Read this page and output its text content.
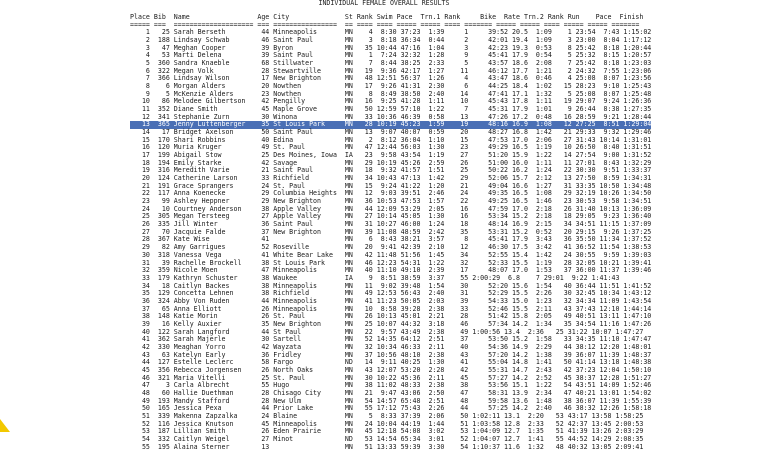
INDIVIDUAL FEMALE OVERALL RESULTS
Place Bib  Name                 Age City              St Rank Swim Pace  Trn.1 Rank     Bike  Rate Trn.2 Rank Run    Pace  Finish
===== ===  ==================== === ================  == ==== ==== ===== ===== ==== ======= ===== ===== ==== ===== ===== =======
1   25 Sarah Berseth         44 Minneapolis       MN    4  8:30 37:23  1:39     1     39:52 20.5  1:09    1 23:54  7:43 1:15:02
2  188 Lindsay Schwab        46 Saint Paul        MN    3  8:18 36:34  0:44     2     42:01 19.4  1:09    3 23:00  8:04 1:17:12
3   47 Meghan Cooper         39 Byron             MN   35 10:44 47:16  1:04     3     42:23 19.3  0:53    8 25:42  8:18 1:20:44
4   53 Marti Delena          39 Saint Paul        MN    1  7:24 32:32  1:28     9     45:41 17.9  0:54    5 25:32  8:15 1:20:57
5  360 Sandra Knaeble        68 Stillwater        MN    7  8:44 38:25  2:33     5     43:57 18.6  2:08    7 25:42  8:18 1:23:03
6  322 Megan Volk            28 Stewartville      MN   19  9:36 42:17  1:27    11     46:12 17.7  1:21    2 24:32  7:55 1:23:06
7  366 Lindsay Wilson        17 New Brighton      MN   48 12:51 56:37  1:26     4     43:47 18.6  0:46    4 25:08  8:07 1:23:56
8    6 Morgan Alders         20 Nowthen           MN   17  9:26 41:31  2:30     6     44:25 18.4  1:02   15 28:23  9:10 1:25:43
9    5 McKenzie Alders       23 Nowthen           MN    8  8:49 38:50  2:40    14     47:41 17.1  1:32    5 25:08  8:07 1:25:48
10   86 Melodee Gilbertson    42 Pengilly          MN   16  9:25 41:28  1:11    10     45:43 17.8  1:11   19 29:07  9:24 1:26:36
11  352 Diane Smith           45 Maple Grove       MN   50 12:59 57:10  1:22     7     45:31 17.9  1:01    9 26:44  8:38 1:27:35
12  341 Stephanie Zurn        30 Winona            MN   33 10:36 46:39  0:58    13     47:26 17.2  0:48   16 28:59  9:21 1:28:44
13  365 Jenny Luttenberger    35 St Louis Park     MN   28 10:19 45:23  1:59    19     48:16 16.9  1:08   12 27:25  8:51 1:29:04
14   17 Bridget Axelson       50 Saint Paul        MN   13  9:07 40:07  0:59    20     48:27 16.8  1:42   21 29:33  9:32 1:29:46
15  170 Shari Robbins         40 Edina             MN    2  8:12 36:04  1:10    15     47:53 17.0  2:06   27 31:43 10:14 1:31:01
16  120 Muria Kruger          49 St. Paul          MN   47 12:44 56:03  1:30    23     49:29 16.5  1:19   10 26:50  8:40 1:31:51
17  199 Abigail Stow          25 Des Moines, Iowa  IA   23  9:58 43:54  1:19    27     51:20 15.9  1:22   14 27:54  9:00 1:31:52
18  194 Emily Starke          42 Savage            MN   29 10:19 45:26  2:59    26     51:00 16.0  1:11   11 27:01  8:43 1:32:29
19  316 Meredith Varie        21 Saint Paul        MN   18  9:32 41:57  1:51    25     50:22 16.2  1:24   22 30:30  9:51 1:33:37
20  124 Catherine Larson      33 Richfield         MN   34 10:43 47:13  1:42    29     52:06 15.7  2:12   13 27:50  8:59 1:34:31
21  191 Grace Sprangers       24 St. Paul          MN   15  9:24 41:22  1:20    21     49:04 16.6  1:27   31 33:35 10:50 1:34:48
22  117 Anna Koenecke         29 Columbia Heights  MN   12  9:03 39:51  2:46    24     49:35 16.5  1:08   29 32:19 10:26 1:34:50
23   99 Ashley Heppner        29 New Brighton      MN   36 10:53 47:53  1:57    22     49:25 16.5  1:46   23 30:53  9:58 1:34:51
24   10 Courtney Anderson     38 Apple Valley      MN   44 12:09 53:29  2:05    16     47:59 17.0  2:18   26 31:40 10:13 1:36:09
25  305 Megan Tersteeg        27 Apple Valley      MN   27 10:14 45:05  1:30    16     53:34 15.2  2:18   18 29:05  9:23 1:36:40
26  335 Jill Winter           36 Saint Paul        MN   31 10:27 46:00  1:24    18     48:14 16.9  2:15   34 34:51 11:15 1:37:09
27   70 Jacquie Falde         37 New Brighton      MN   39 11:08 48:59  2:42    35     53:31 15.2  0:52   20 29:15  9:26 1:37:25
28  367 Kate Wise             41                   MN    6  8:43 38:21  3:57     8     45:41 17.9  3:43   36 35:50 11:34 1:37:52
29   82 Amy Garrigues         52 Roseville         MN   20  9:41 42:39  2:10    12     46:30 17.5  3:42   41 36:52 11:54 1:38:53
30  318 Vanessa Vega          41 White Bear Lake   MN   42 11:48 51:56  1:45    34     52:55 15.4  1:42   24 30:55  9:59 1:39:03
31   39 Rachelle Brockell     38 St Louis Park     MN   46 12:23 54:31  1:22    32     52:33 15.5  1:19   28 32:05 10:21 1:39:41
32  359 Nicole Moen           47 Minneapolis       MN   40 11:10 49:10  2:39    17     48:07 17.0  1:53   37 36:00 11:37 1:39:46
33  179 Kathryn Schuster      38 Waukee            IA    9  8:51 38:59  3:37    55 2:00:29  6.8    7 29:01  9:22 1:41:43
34   18 Caitlyn Backes        38 Minneapolis       MN   11  9:02 39:48  1:54    30     52:20 15.6  1:54   40 36:44 11:51 1:41:52
35  129 Concetta Lehnen       38 Richfield         MN   49 12:53 56:43  2:40    31     52:29 15.5  2:26   30 32:45 10:34 1:43:12
36  324 Abby Von Ruden        44 Minneapolis       MN   41 11:23 50:05  2:03    39     54:33 15.0  1:23   32 34:34 11:09 1:43:54
37   65 Anna Elliott          26 Minneapolis       MN   10  8:58 39:28  2:38    33     52:46 15.5  2:11   43 37:43 12:10 1:44:14
38  148 Katie Morin           26 St. Paul          MN   26 10:13 45:01  2:21    28     51:42 15.8  2:05   49 40:51 13:11 1:47:10
39   16 Kelly Auxier          35 New Brighton      MN   25 10:07 44:32  3:18    46     57:34 14.2  1:34   35 34:54 11:16 1:47:26
40  122 Sarah Langford        44 St Paul           MN   22  9:57 43:49  2:38    49 1:00:56 13.4  2:36   25 31:22 10:07 1:47:27
41  362 Sarah Majerle         30 Sartell           MN   52 14:35 64:12  2:51    37     53:50 15.2  1:58   33 34:35 11:10 1:47:47
42  330 Meaghan Yorro         42 Wayzata           MN   32 10:34 46:33  2:11    40     54:36 14.9  2:29   44 38:12 12:20 1:48:01
43   63 Katelyn Early         36 Fridley           MN   37 10:56 48:10  2:38    43     57:20 14.2  1:38   39 36:07 11:39 1:48:37
44  127 Estelle Leclerc       58 Fargo             ND   14  9:11 40:25  1:30    41     55:04 14.8  1:41   50 41:14 13:18 1:48:38
45  356 Rebecca Jorgensen     26 North Oaks        MN   43 12:07 53:20  2:28    42     55:31 14.7  2:43   42 37:23 12:04 1:50:10
46  321 Maria Vitelli         25 St. Paul          MN   30 10:22 45:36  2:11    45     57:27 14.2  2:52   45 38:37 12:28 1:51:27
47    3 Carla Albrecht        55 Hugo              MN   38 11:02 48:33  2:38    38     53:56 15.1  1:22   54 43:51 14:09 1:52:46
48   60 Hallie Duethman       28 Chisago City      MN   21  9:47 43:06  2:50    47     58:31 13.9  2:34   47 40:21 13:01 1:54:02
49  193 Mandy Stafford        28 New Ulm           MN   54 14:57 65:48  2:51    48     59:58 13.6  1:48   38 36:07 11:39 1:55:39
50  165 Jessica Pexa          44 Prior Lake        MN   55 17:12 75:43  2:26    44     57:25 14.2  2:40   46 38:32 12:26 1:58:18
51  339 Makenna Zapzalka      24 Blaine            MN    5  8:33 37:39  2:06    50 1:02:11 13.1  2:20   53 43:17 13:58 1:58:25
52  116 Jessica Knutson       45 Minneapolis       MN   24 10:04 44:19  1:44    51 1:03:58 12.8  2:33   52 42:37 13:45 2:00:53
53  187 Lillian Smith         26 Eden Prairie      MN   45 12:18 54:08  3:02    53 1:04:09 12.7  1:35   51 41:39 13:26 2:03:29
54  332 Caitlyn Weigel        27 Minot             ND   53 14:54 65:34  3:01    52 1:04:07 12.7  1:41   55 44:52 14:29 2:08:35
55  195 Alaina Sterner        13                   MN   51 13:33 59:39  3:30    54 1:10:37 11.6  1:32   48 40:32 13:05 2:09:41
